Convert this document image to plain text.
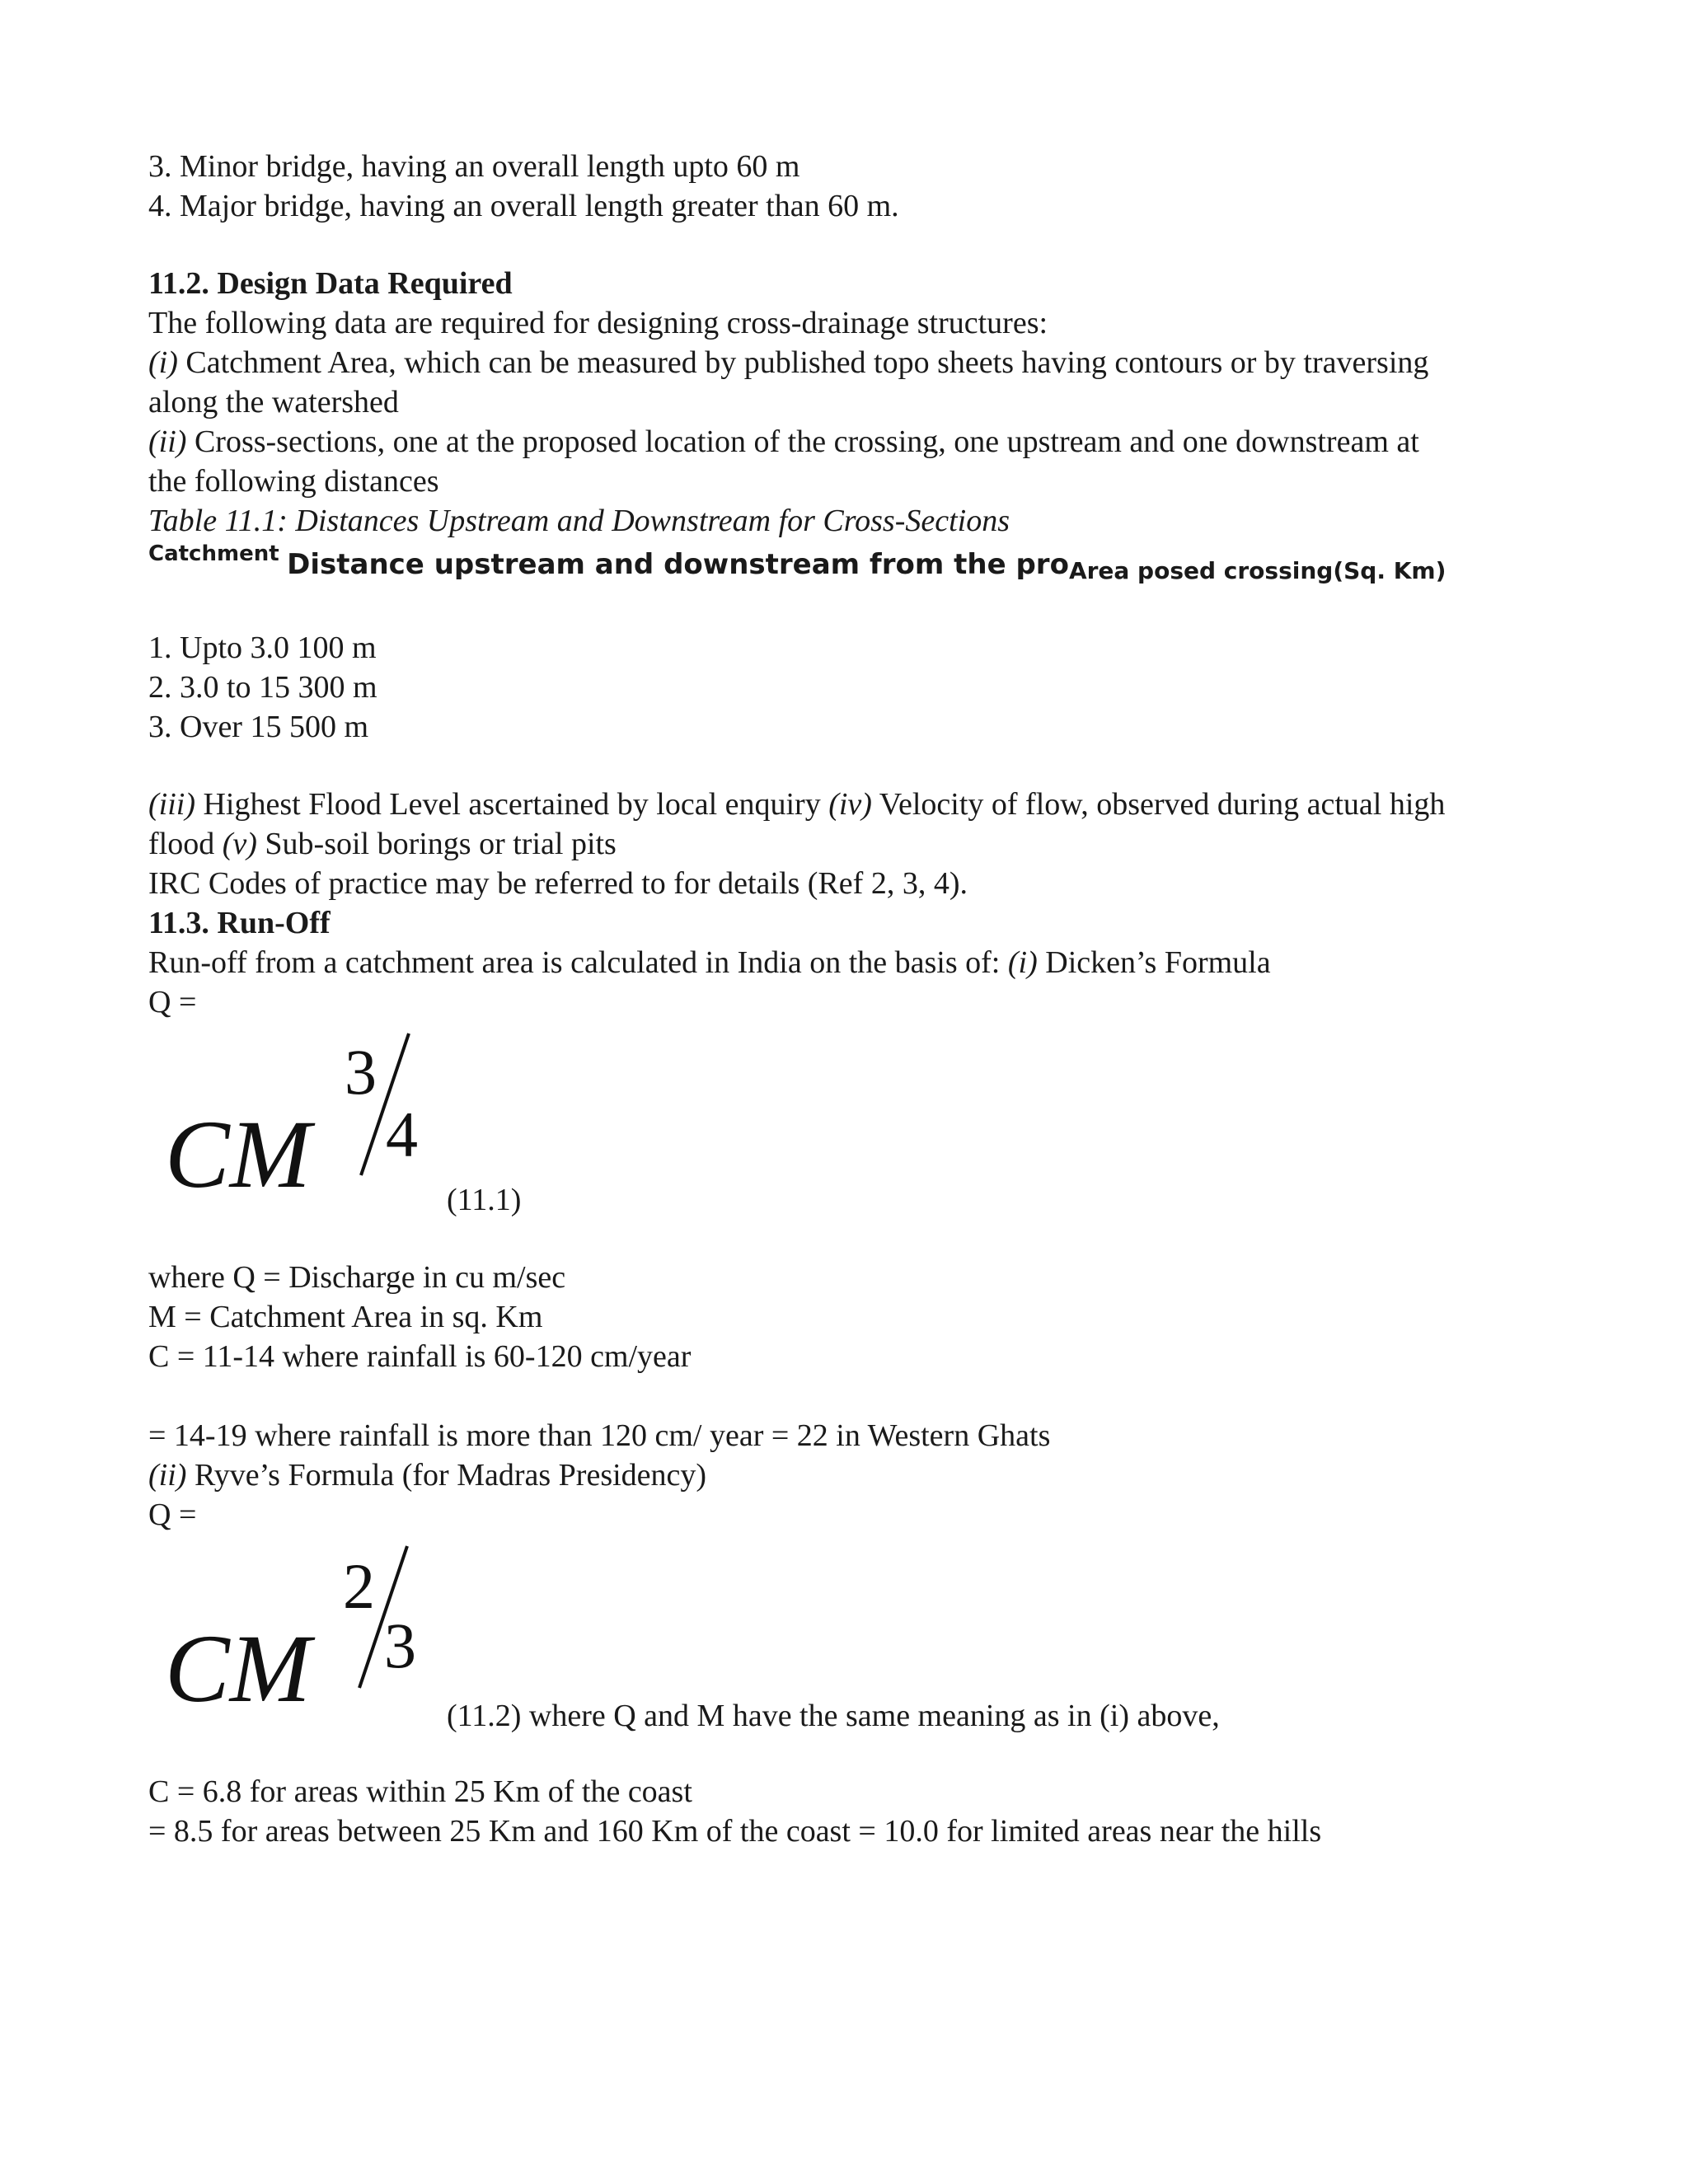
3. Minor bridge, having an overall length upto 60 m
4. Major bridge, having an overall length greater than 60 m.
11.2. Design Data Required
The following data are required for designing cross-drainage structures:
(i) Catchment Area, which can be measured by published topo sheets having contours or by traversing
along the watershed
(ii) Cross-sections, one at the proposed location of the crossing, one upstream and one downstream at
the following distances
Table 11.1: Distances Upstream and Downstream for Cross-Sections
$^{Catchment}$ Distance upstream and downstream from the proArea posed crossing(Sq. Km)
1. Upto 3.0 100 m
2. 3.0 to 15 300 m
3. Over 15 500 m
(iii) Highest Flood Level ascertained by local enquiry (iv) Velocity of flow, observed during actual high
flood (v) Sub-soil borings or trial pits
IRC Codes of practice may be referred to for details (Ref 2, 3, 4).
11.3. Run-Off
Run-off from a catchment area is calculated in India on the basis of: (i) Dicken’s Formula
Q =
CM
3
4
(11.1)
where Q = Discharge in cu m/sec
M = Catchment Area in sq. Km
C = 11-14 where rainfall is 60-120 cm/year
= 14-19 where rainfall is more than 120 cm/ year = 22 in Western Ghats
(ii) Ryve’s Formula (for Madras Presidency)
Q =
CM
2
3
(11.2) where Q and M have the same meaning as in (i) above,
C = 6.8 for areas within 25 Km of the coast
= 8.5 for areas between 25 Km and 160 Km of the coast = 10.0 for limited areas near the hills
